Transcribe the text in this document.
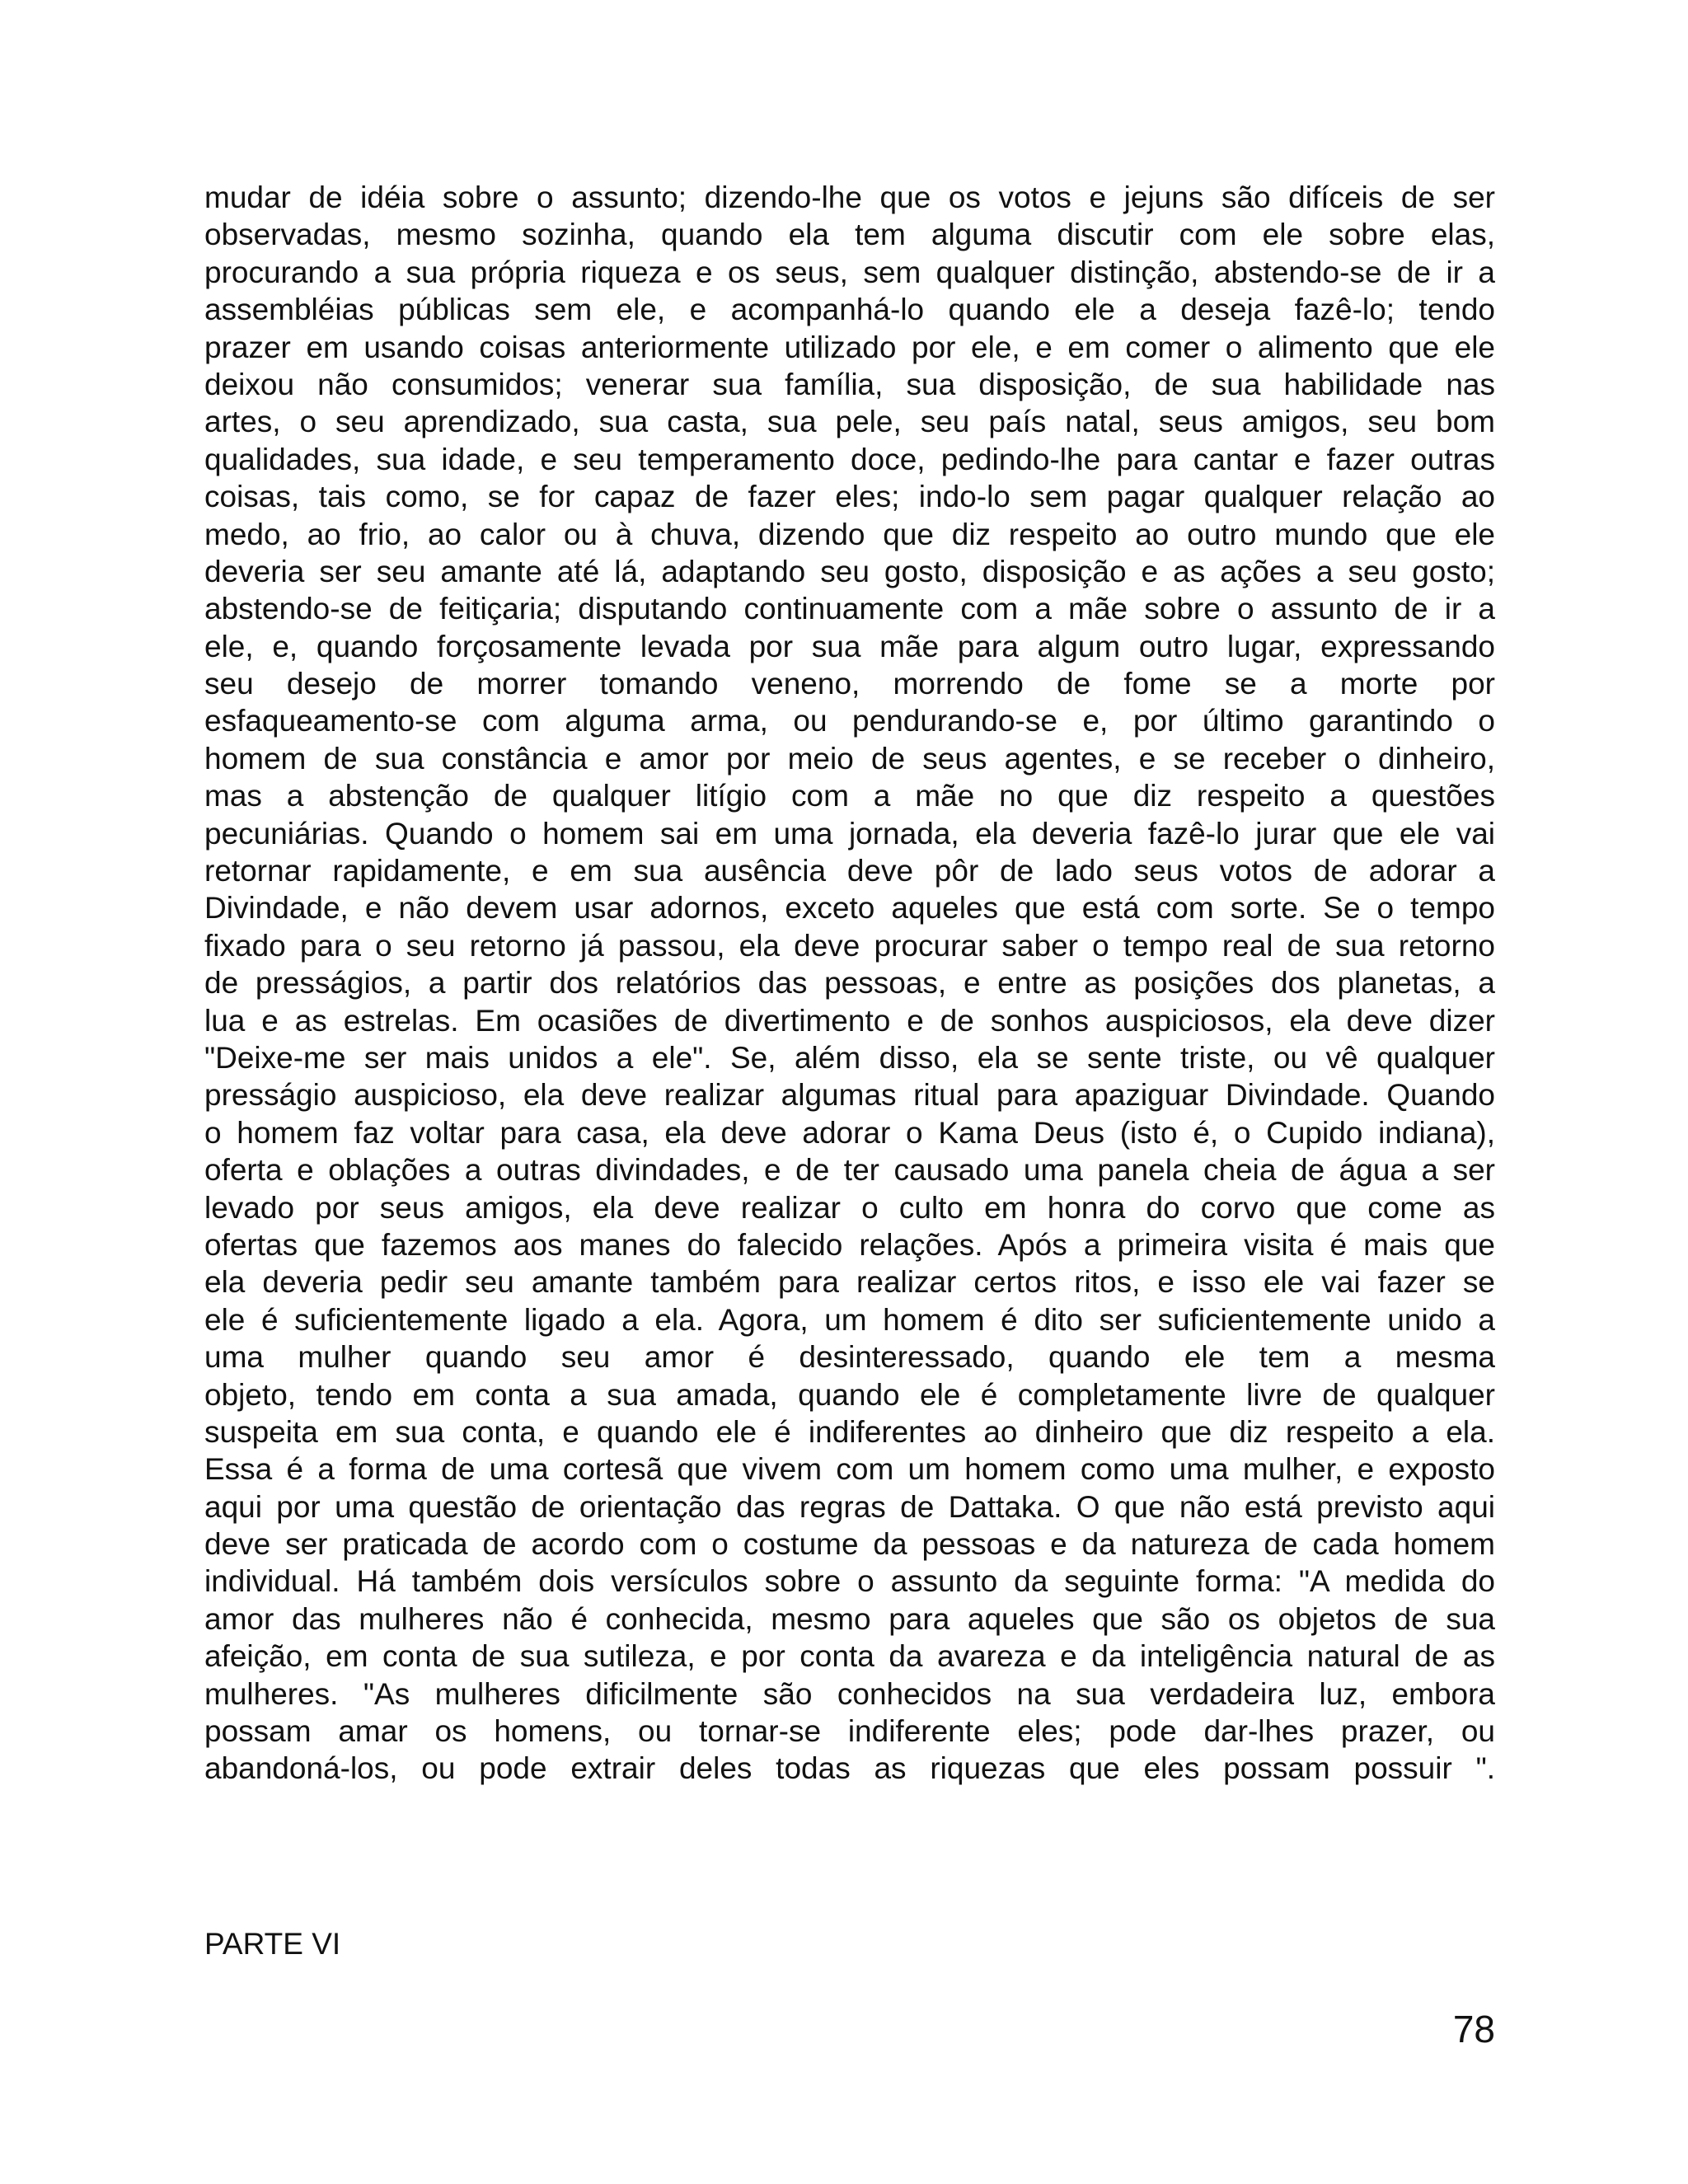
mudar de idéia sobre o assunto; dizendo-lhe que os votos e jejuns são difíceis de ser
observadas, mesmo sozinha, quando ela tem alguma discutir com ele sobre elas,
procurando a sua própria riqueza e os seus, sem qualquer distinção, abstendo-se de ir a
assembléias públicas sem ele, e acompanhá-lo quando ele a deseja fazê-lo; tendo
prazer em usando coisas anteriormente utilizado por ele, e em comer o alimento que ele
deixou não consumidos; venerar sua família, sua disposição, de sua habilidade nas
artes, o seu aprendizado, sua casta, sua pele, seu país natal, seus amigos, seu bom
qualidades, sua idade, e seu temperamento doce, pedindo-lhe para cantar e fazer outras
coisas, tais como, se for capaz de fazer eles; indo-lo sem pagar qualquer relação ao
medo, ao frio, ao calor ou à chuva, dizendo que diz respeito ao outro mundo que ele
deveria ser seu amante até lá, adaptando seu gosto, disposição e as ações a seu gosto;
abstendo-se de feitiçaria; disputando continuamente com a mãe sobre o assunto de ir a
ele, e, quando forçosamente levada por sua mãe para algum outro lugar, expressando
seu desejo de morrer tomando veneno, morrendo de fome se a morte por
esfaqueamento-se com alguma arma, ou pendurando-se e, por último garantindo o
homem de sua constância e amor por meio de seus agentes, e se receber o dinheiro,
mas a abstenção de qualquer litígio com a mãe no que diz respeito a questões
pecuniárias. Quando o homem sai em uma jornada, ela deveria fazê-lo jurar que ele vai
retornar rapidamente, e em sua ausência deve pôr de lado seus votos de adorar a
Divindade, e não devem usar adornos, exceto aqueles que está com sorte. Se o tempo
fixado para o seu retorno já passou, ela deve procurar saber o tempo real de sua retorno
de presságios, a partir dos relatórios das pessoas, e entre as posições dos planetas, a
lua e as estrelas. Em ocasiões de divertimento e de sonhos auspiciosos, ela deve dizer
"Deixe-me ser mais unidos a ele". Se, além disso, ela se sente triste, ou vê qualquer
presságio auspicioso, ela deve realizar algumas ritual para apaziguar Divindade. Quando
o homem faz voltar para casa, ela deve adorar o Kama Deus (isto é, o Cupido indiana),
oferta e oblações a outras divindades, e de ter causado uma panela cheia de água a ser
levado por seus amigos, ela deve realizar o culto em honra do corvo que come as
ofertas que fazemos aos manes do falecido relações. Após a primeira visita é mais que
ela deveria pedir seu amante também para realizar certos ritos, e isso ele vai fazer se
ele é suficientemente ligado a ela. Agora, um homem é dito ser suficientemente unido a
uma mulher quando seu amor é desinteressado, quando ele tem a mesma
objeto, tendo em conta a sua amada, quando ele é completamente livre de qualquer
suspeita em sua conta, e quando ele é indiferentes ao dinheiro que diz respeito a ela.
Essa é a forma de uma cortesã que vivem com um homem como uma mulher, e exposto
aqui por uma questão de orientação das regras de Dattaka. O que não está previsto aqui
deve ser praticada de acordo com o costume da pessoas e da natureza de cada homem
individual. Há também dois versículos sobre o assunto da seguinte forma: "A medida do
amor das mulheres não é conhecida, mesmo para aqueles que são os objetos de sua
afeição, em conta de sua sutileza, e por conta da avareza e da inteligência natural de as
mulheres. "As mulheres dificilmente são conhecidos na sua verdadeira luz, embora
possam amar os homens, ou tornar-se indiferente eles; pode dar-lhes prazer, ou
abandoná-los, ou pode extrair deles todas as riquezas que eles possam possuir ".
PARTE VI
78
